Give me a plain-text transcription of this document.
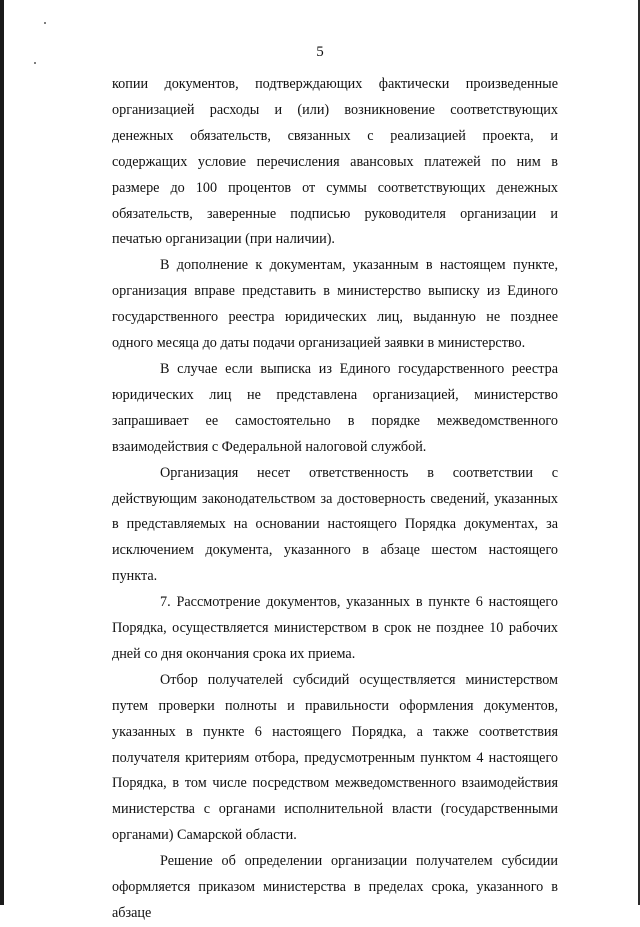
5

копии документов, подтверждающих фактически произведенные организацией расходы и (или) возникновение соответствующих денежных обязательств, связанных с реализацией проекта, и содержащих условие перечисления авансовых платежей по ним в размере до 100 процентов от суммы соответствующих денежных обязательств, заверенные подписью руководителя организации и печатью организации (при наличии).

В дополнение к документам, указанным в настоящем пункте, организация вправе представить в министерство выписку из Единого государственного реестра юридических лиц, выданную не позднее одного месяца до даты подачи организацией заявки в министерство.

В случае если выписка из Единого государственного реестра юридических лиц не представлена организацией, министерство запрашивает ее самостоятельно в порядке межведомственного взаимодействия с Федеральной налоговой службой.

Организация несет ответственность в соответствии с действующим законодательством за достоверность сведений, указанных в представляемых на основании настоящего Порядка документах, за исключением документа, указанного в абзаце шестом настоящего пункта.

7. Рассмотрение документов, указанных в пункте 6 настоящего Порядка, осуществляется министерством в срок не позднее 10 рабочих дней со дня окончания срока их приема.

Отбор получателей субсидий осуществляется министерством путем проверки полноты и правильности оформления документов, указанных в пункте 6 настоящего Порядка, а также соответствия получателя критериям отбора, предусмотренным пунктом 4 настоящего Порядка, в том числе посредством межведомственного взаимодействия министерства с органами исполнительной власти (государственными органами) Самарской области.

Решение об определении организации получателем субсидии оформляется приказом министерства в пределах срока, указанного в абзаце
